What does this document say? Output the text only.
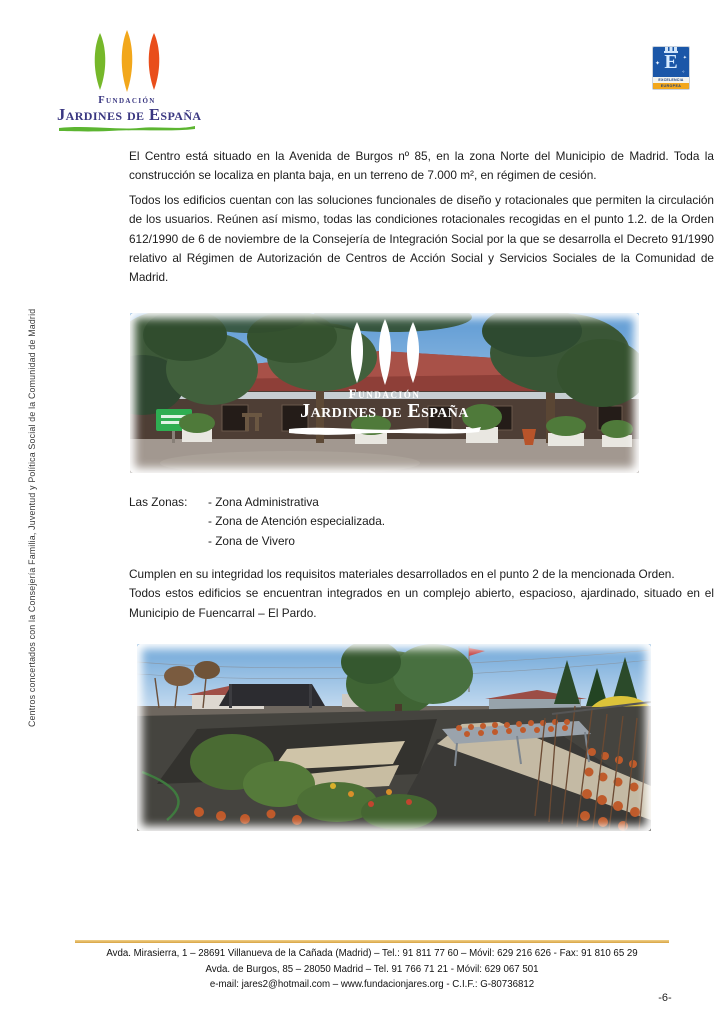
Fundación
Jardines de España
E
✦
✦
✧
EXCELENCIA
EUROPEA
Centros concertados con la Consejería Familia, Juventud y Política Social de la Comunidad de Madrid

El Centro está situado en la Avenida de Burgos nº 85, en la zona Norte del Municipio de Madrid. Toda la construcción se localiza en planta baja, en un terreno de 7.000 m², en régimen de cesión.

Todos los edificios cuentan con las soluciones funcionales de diseño y rotacionales que permiten la circulación de los usuarios. Reúnen así mismo, todas las condiciones rotacionales recogidas en el punto 1.2. de la Orden 612/1990 de 6 de noviembre de la Consejería de Integración Social por la que se desarrolla el Decreto 91/1990 relativo al Régimen de Autorización de Centros de Acción Social y Servicios Sociales de la Comunidad de Madrid.

Fundación
Jardines de España
Las Zonas:	- Zona Administrativa
- Zona de Atención especializada.
- Zona de Vivero

Cumplen en su integridad los requisitos materiales desarrollados en el punto 2 de la mencionada Orden.

Todos estos edificios se encuentran integrados en un complejo abierto, espacioso, ajardinado, situado en el Municipio de Fuencarral – El Pardo.

Avda. Mirasierra, 1 – 28691 Villanueva de la Cañada (Madrid) – Tel.: 91 811 77 60 – Móvil: 629 216 626 - Fax: 91 810 65 29
Avda. de Burgos, 85 – 28050 Madrid – Tel. 91 766 71 21 - Móvil: 629 067 501
e-mail: jares2@hotmail.com – www.fundacionjares.org - C.I.F.: G-80736812
-6-
